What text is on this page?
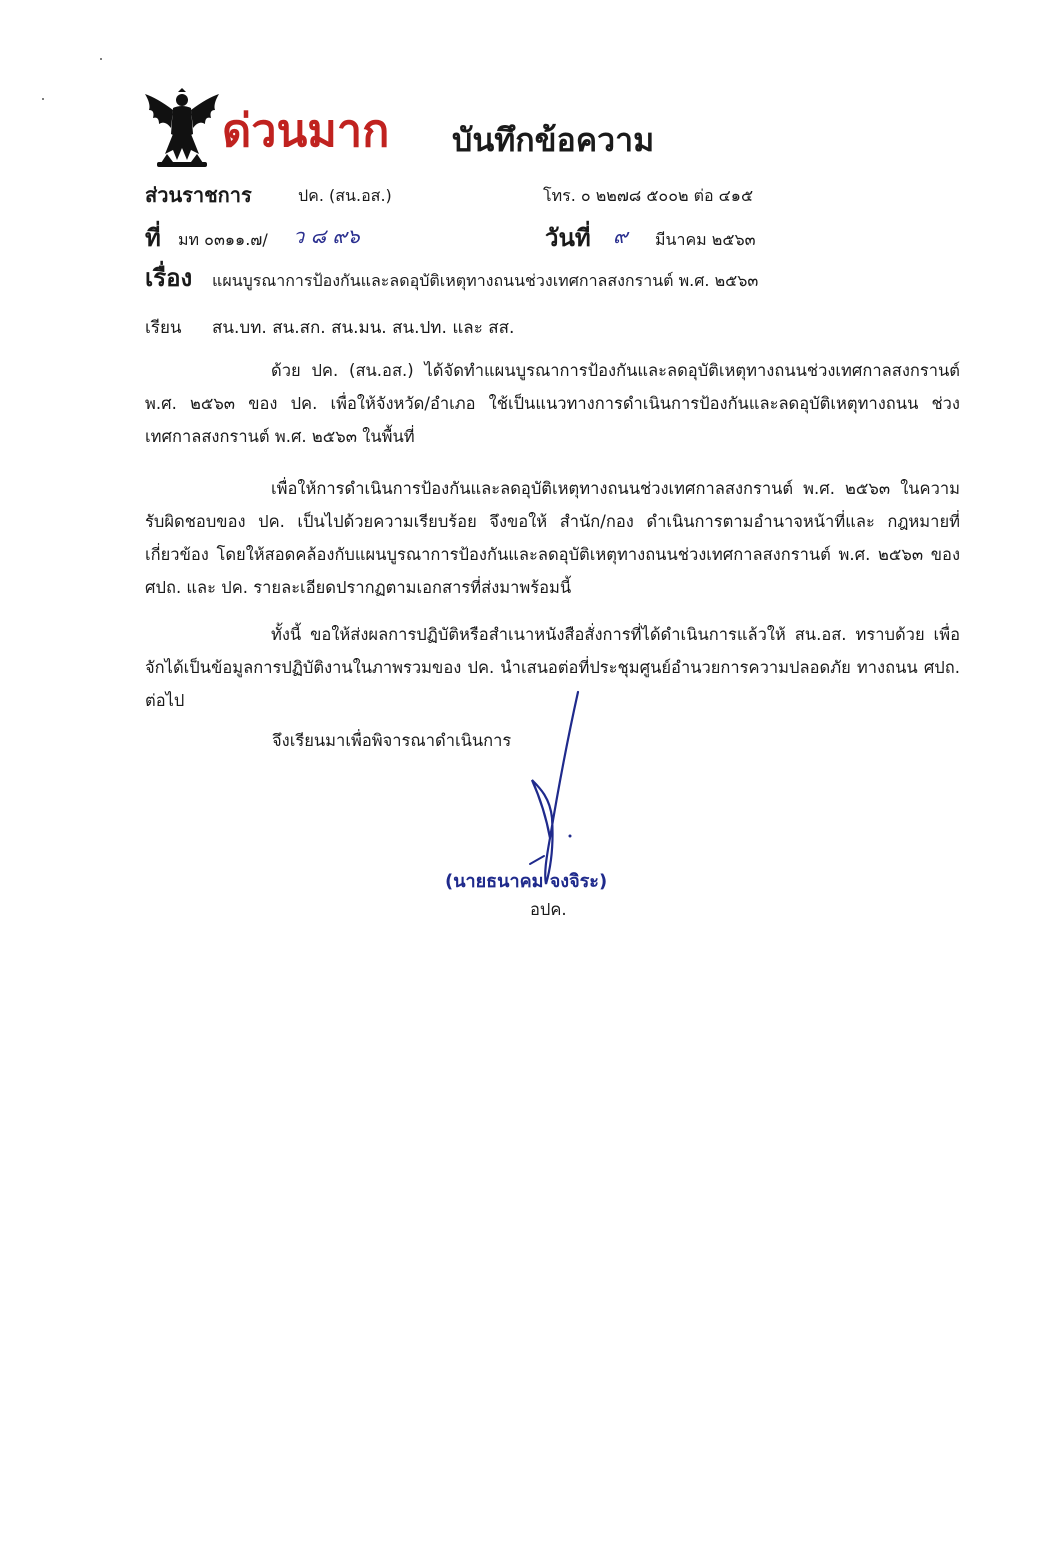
ด่วนมาก บันทึกข้อความ
ส่วนราชการ	ปค. (สน.อส.)	โทร. ๐ ๒๒๗๘ ๕๐๐๒ ต่อ ๔๑๕
ที่ มท ๐๓๑๑.๗/ ว ๘ ๙๖	วันที่ ๙ มีนาคม ๒๕๖๓
เรื่อง แผนบูรณาการป้องกันและลดอุบัติเหตุทางถนนช่วงเทศกาลสงกรานต์ พ.ศ. ๒๕๖๓
เรียน สน.บท. สน.สก. สน.มน. สน.ปท. และ สส.

ด้วย ปค. (สน.อส.) ได้จัดทำแผนบูรณาการป้องกันและลดอุบัติเหตุทางถนนช่วงเทศกาลสงกรานต์ พ.ศ. ๒๕๖๓ ของ ปค. เพื่อให้จังหวัด/อำเภอ ใช้เป็นแนวทางการดำเนินการป้องกันและลดอุบัติเหตุทางถนน ช่วงเทศกาลสงกรานต์ พ.ศ. ๒๕๖๓ ในพื้นที่

เพื่อให้การดำเนินการป้องกันและลดอุบัติเหตุทางถนนช่วงเทศกาลสงกรานต์ พ.ศ. ๒๕๖๓ ในความรับผิดชอบของ ปค. เป็นไปด้วยความเรียบร้อย จึงขอให้ สำนัก/กอง ดำเนินการตามอำนาจหน้าที่และ กฎหมายที่เกี่ยวข้อง โดยให้สอดคล้องกับแผนบูรณาการป้องกันและลดอุบัติเหตุทางถนนช่วงเทศกาลสงกรานต์ พ.ศ. ๒๕๖๓ ของ ศปถ. และ ปค. รายละเอียดปรากฏตามเอกสารที่ส่งมาพร้อมนี้

ทั้งนี้ ขอให้ส่งผลการปฏิบัติหรือสำเนาหนังสือสั่งการที่ได้ดำเนินการแล้วให้ สน.อส. ทราบด้วย เพื่อจักได้เป็นข้อมูลการปฏิบัติงานในภาพรวมของ ปค. นำเสนอต่อที่ประชุมศูนย์อำนวยการความปลอดภัย ทางถนน ศปถ. ต่อไป

จึงเรียนมาเพื่อพิจารณาดำเนินการ
(นายธนาคม จงจิระ)
อปค.
